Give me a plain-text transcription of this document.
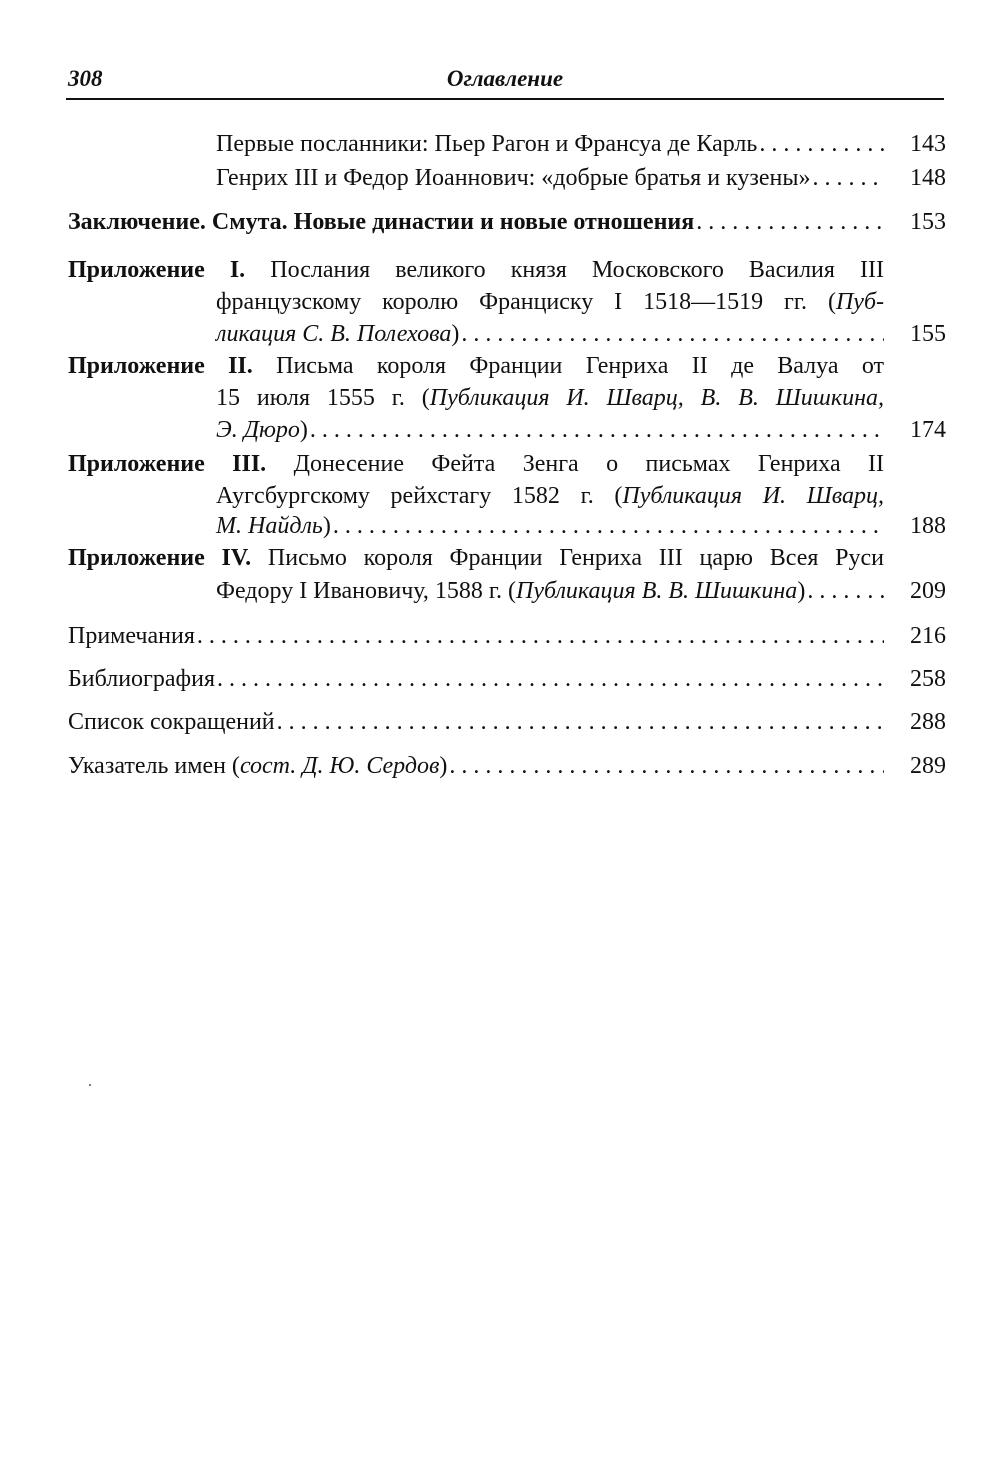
308	Оглавление
Первые посланники: Пьер Рагон и Франсуа де Карль . . .	143
Генрих III и Федор Иоаннович: «добрые братья и кузены» . . .	148
Заключение. Смута. Новые династии и новые отношения . . .	153
Приложение I. Послания великого князя Московского Василия III
французскому королю Франциску I 1518—1519 гг. (Пуб-
ликация С. В. Полехова) . . .	155
Приложение II. Письма короля Франции Генриха II де Валуа от
15 июля 1555 г. (Публикация И. Шварц, В. В. Шишкина,
Э. Дюро) . . .	174
Приложение III. Донесение Фейта Зенга о письмах Генриха II
Аугсбургскому рейхстагу 1582 г. (Публикация И. Шварц,
М. Найдль) . . .	188
Приложение IV. Письмо короля Франции Генриха III царю Всея Руси
Федору I Ивановичу, 1588 г. (Публикация В. В. Шишкина) . . .	209
Примечания . . .	216
Библиография . . .	258
Список сокращений . . .	288
Указатель имен (сост. Д. Ю. Сердов) . . .	289
